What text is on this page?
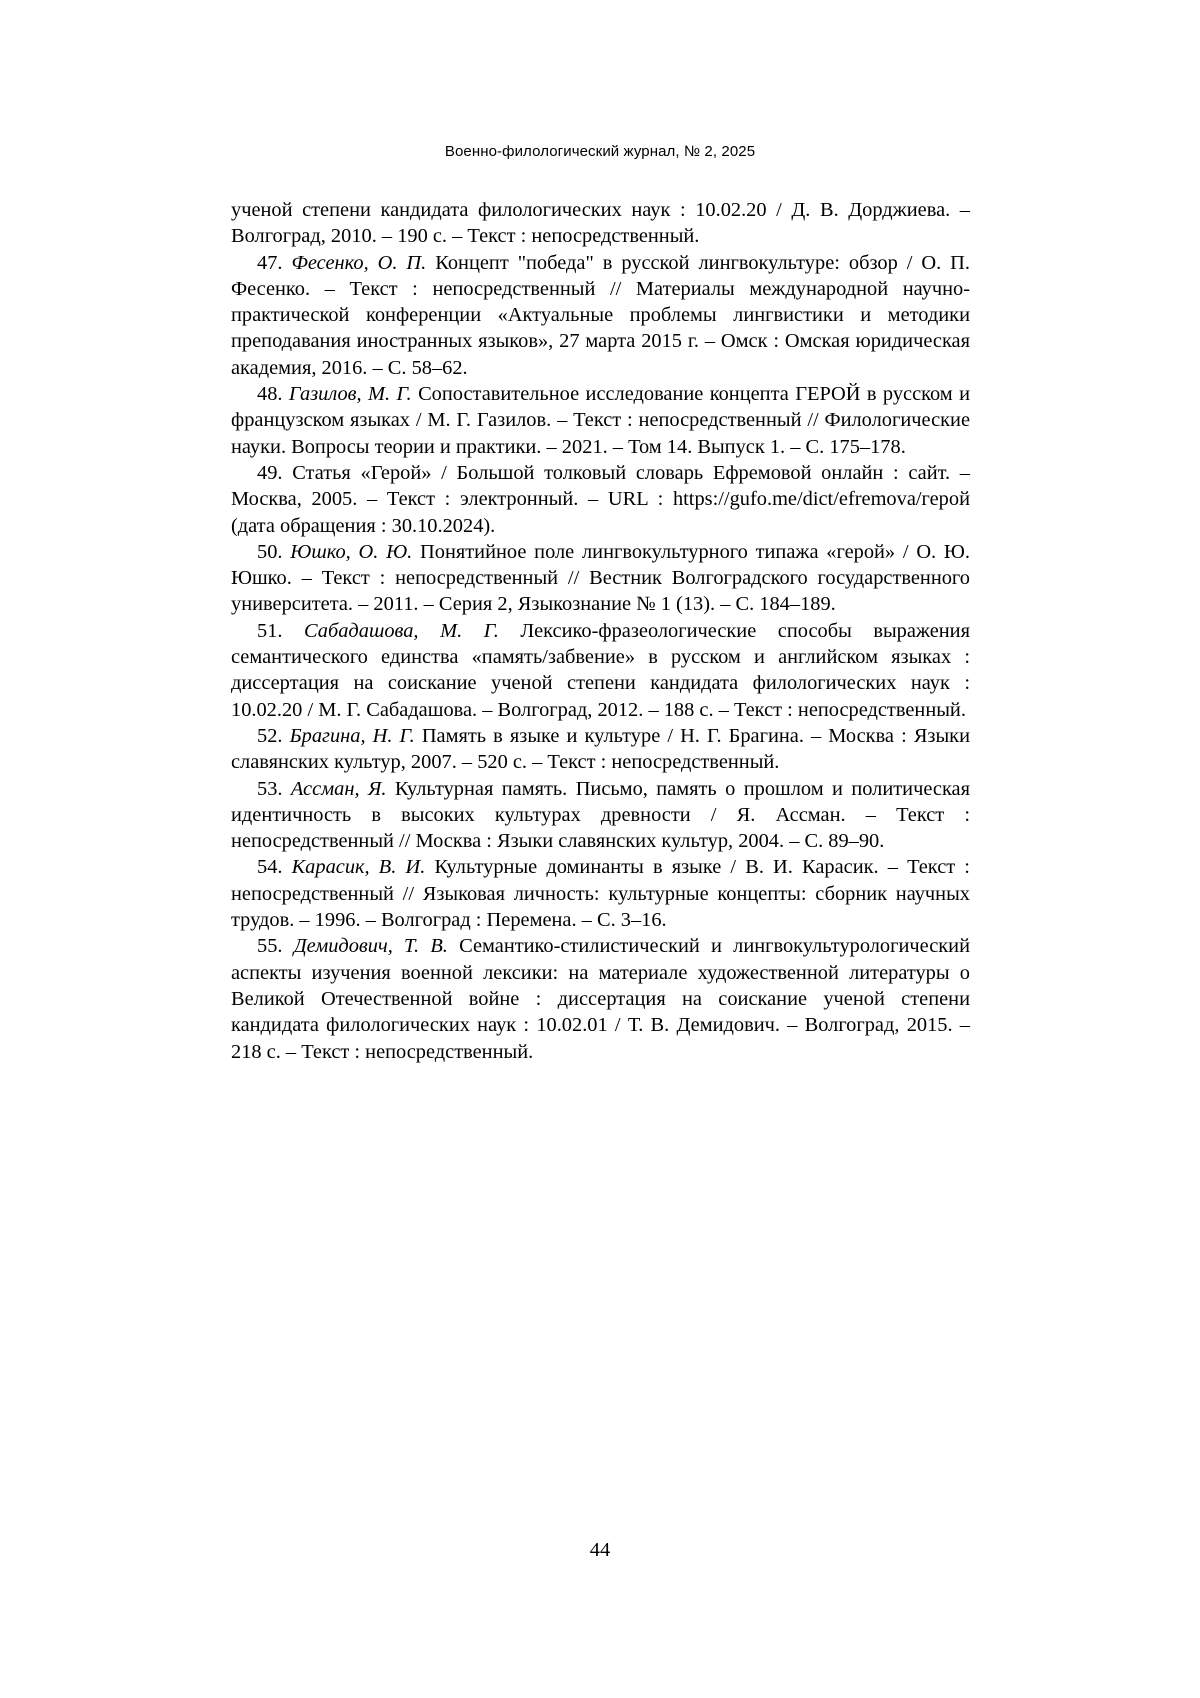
Военно-филологический журнал, № 2, 2025

ученой степени кандидата филологических наук : 10.02.20 / Д. В. Дорджиева. – Волгоград, 2010. – 190 с. – Текст : непосредственный.

47. Фесенко, О. П. Концепт "победа" в русской лингвокультуре: обзор / О. П. Фесенко. – Текст : непосредственный // Материалы международной научно-практической конференции «Актуальные проблемы лингвистики и методики преподавания иностранных языков», 27 марта 2015 г. – Омск : Омская юридическая академия, 2016. – С. 58–62.

48. Газилов, М. Г. Сопоставительное исследование концепта ГЕРОЙ в русском и французском языках / М. Г. Газилов. – Текст : непосредственный // Филологические науки. Вопросы теории и практики. – 2021. – Том 14. Выпуск 1. – С. 175–178.

49. Статья «Герой» / Большой толковый словарь Ефремовой онлайн : сайт. – Москва, 2005. – Текст : электронный. – URL : https://gufo.me/dict/efremova/герой (дата обращения : 30.10.2024).

50. Юшко, О. Ю. Понятийное поле лингвокультурного типажа «герой» / О. Ю. Юшко. – Текст : непосредственный // Вестник Волгоградского государственного университета. – 2011. – Серия 2, Языкознание № 1 (13). – С. 184–189.

51. Сабадашова, М. Г. Лексико-фразеологические способы выражения семантического единства «память/забвение» в русском и английском языках : диссертация на соискание ученой степени кандидата филологических наук : 10.02.20 / М. Г. Сабадашова. – Волгоград, 2012. – 188 с. – Текст : непосредственный.

52. Брагина, Н. Г. Память в языке и культуре / Н. Г. Брагина. – Москва : Языки славянских культур, 2007. – 520 с. – Текст : непосредственный.

53. Ассман, Я. Культурная память. Письмо, память о прошлом и политическая идентичность в высоких культурах древности / Я. Ассман. – Текст : непосредственный // Москва : Языки славянских культур, 2004. – С. 89–90.

54. Карасик, В. И. Культурные доминанты в языке / В. И. Карасик. – Текст : непосредственный // Языковая личность: культурные концепты: сборник научных трудов. – 1996. – Волгоград : Перемена. – С. 3–16.

55. Демидович, Т. В. Семантико-стилистический и лингвокультурологический аспекты изучения военной лексики: на материале художественной литературы о Великой Отечественной войне : диссертация на соискание ученой степени кандидата филологических наук : 10.02.01 / Т. В. Демидович. – Волгоград, 2015. – 218 с. – Текст : непосредственный.

44
